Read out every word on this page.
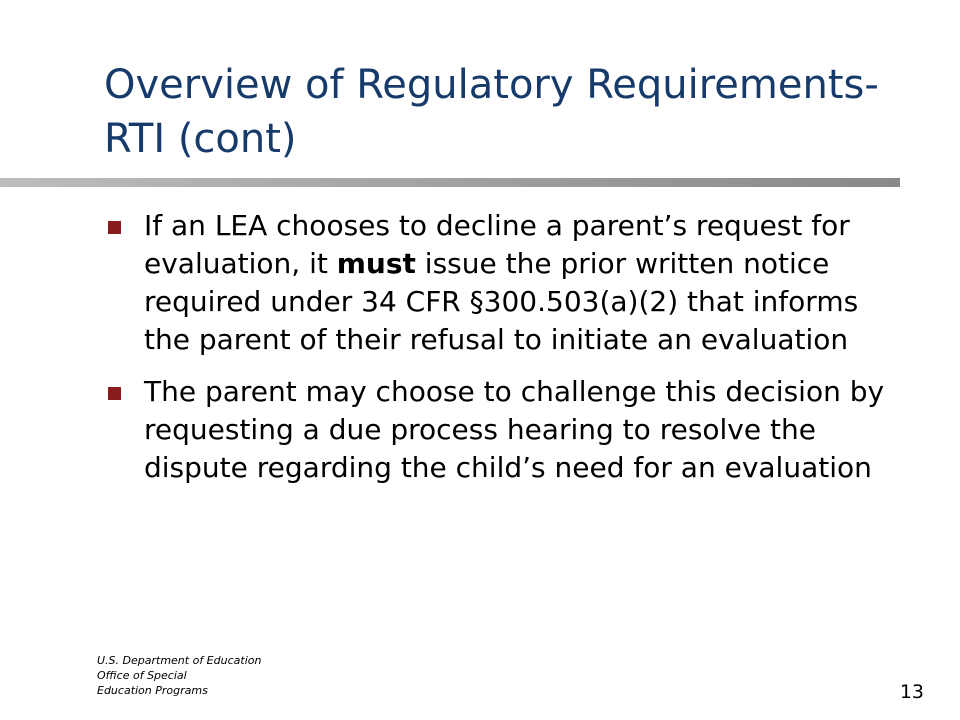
Overview of Regulatory Requirements-RTI (cont)
If an LEA chooses to decline a parent’s request for evaluation, it must issue the prior written notice required under 34 CFR §300.503(a)(2) that informs the parent of their refusal to initiate an evaluation
The parent may choose to challenge this decision by requesting a due process hearing to resolve the dispute regarding the child’s need for an evaluation
U.S. Department of Education
Office of Special
Education Programs	13
